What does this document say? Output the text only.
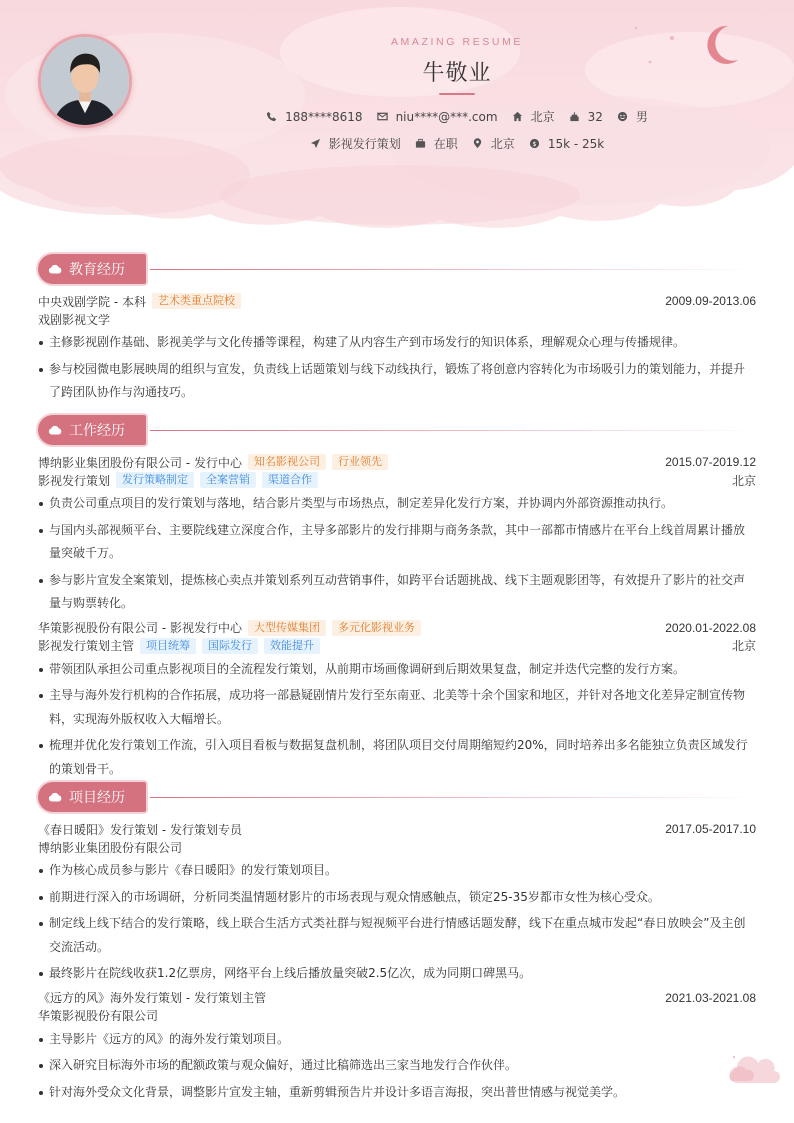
AMAZING RESUME
牛敬业
188****8618	niu****@***.com	北京	32	男
影视发行策划	在职	北京 $ 15k - 25k
教育经历
中央戏剧学院 - 本科	艺术类重点院校	2009.09-2013.06
戏剧影视文学
主修影视剧作基础、影视美学与文化传播等课程，构建了从内容生产到市场发行的知识体系，理解观众心理与传播规律。
参与校园微电影展映周的组织与宣发，负责线上话题策划与线下动线执行，锻炼了将创意内容转化为市场吸引力的策划能力，并提升了跨团队协作与沟通技巧。
工作经历
博纳影业集团股份有限公司 - 发行中心	知名影视公司	行业领先	2015.07-2019.12
影视发行策划	发行策略制定	全案营销	渠道合作	北京
负责公司重点项目的发行策划与落地，结合影片类型与市场热点，制定差异化发行方案，并协调内外部资源推动执行。
与国内头部视频平台、主要院线建立深度合作，主导多部影片的发行排期与商务条款，其中一部都市情感片在平台上线首周累计播放量突破千万。
参与影片宣发全案策划，提炼核心卖点并策划系列互动营销事件，如跨平台话题挑战、线下主题观影团等，有效提升了影片的社交声量与购票转化。
华策影视股份有限公司 - 影视发行中心	大型传媒集团	多元化影视业务	2020.01-2022.08
影视发行策划主管	项目统筹	国际发行	效能提升	北京
带领团队承担公司重点影视项目的全流程发行策划，从前期市场画像调研到后期效果复盘，制定并迭代完整的发行方案。
主导与海外发行机构的合作拓展，成功将一部悬疑剧情片发行至东南亚、北美等十余个国家和地区，并针对各地文化差异定制宣传物料，实现海外版权收入大幅增长。
梳理并优化发行策划工作流，引入项目看板与数据复盘机制，将团队项目交付周期缩短约20%，同时培养出多名能独立负责区域发行的策划骨干。
项目经历
《春日暖阳》发行策划 - 发行策划专员	2017.05-2017.10
博纳影业集团股份有限公司
作为核心成员参与影片《春日暖阳》的发行策划项目。
前期进行深入的市场调研，分析同类温情题材影片的市场表现与观众情感触点，锁定25-35岁都市女性为核心受众。
制定线上线下结合的发行策略，线上联合生活方式类社群与短视频平台进行情感话题发酵，线下在重点城市发起“春日放映会”及主创交流活动。
最终影片在院线收获1.2亿票房，网络平台上线后播放量突破2.5亿次，成为同期口碑黑马。
《远方的风》海外发行策划 - 发行策划主管	2021.03-2021.08
华策影视股份有限公司
主导影片《远方的风》的海外发行策划项目。
深入研究目标海外市场的配额政策与观众偏好，通过比稿筛选出三家当地发行合作伙伴。
针对海外受众文化背景，调整影片宣发主轴，重新剪辑预告片并设计多语言海报，突出普世情感与视觉美学。
